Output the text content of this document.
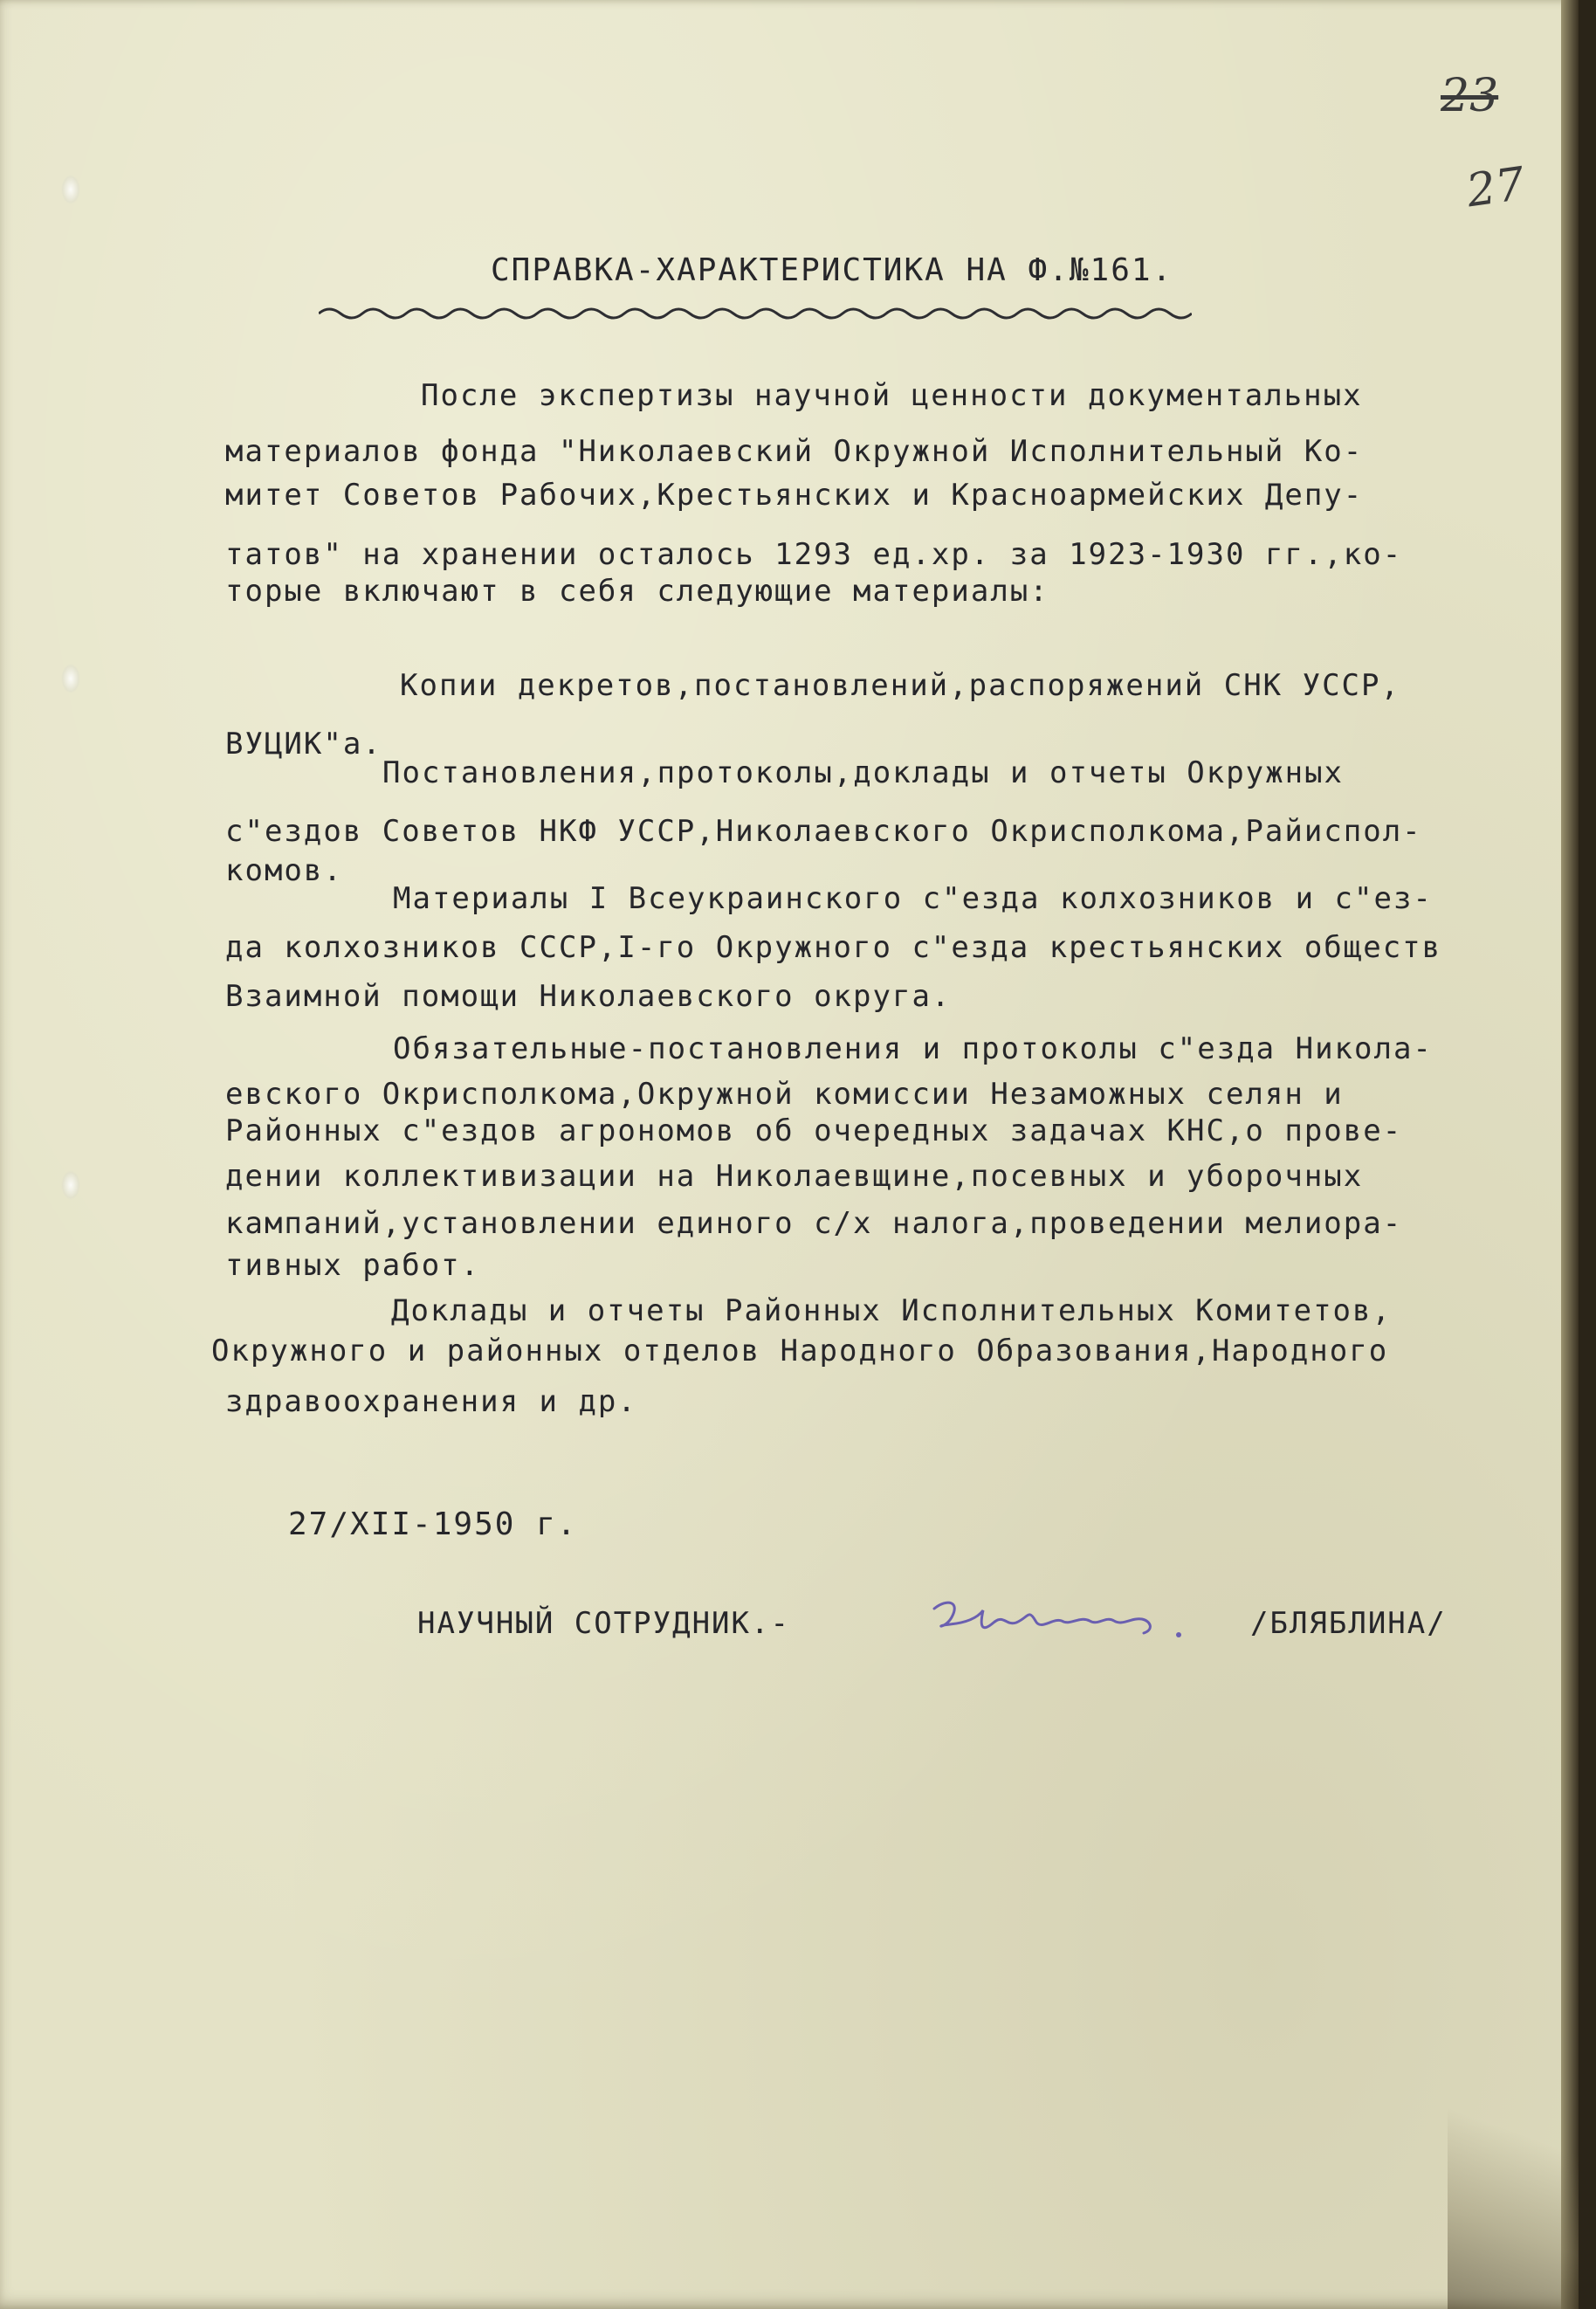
23
27
СПРАВКА-ХАРАКТЕРИСТИКА НА Ф.№161.
После экспертизы научной ценности документальных
материалов фонда "Николаевский Окружной Исполнительный Ко-
митет Советов Рабочих,Крестьянских и Красноармейских Депу-
татов" на хранении осталось 1293 ед.хр. за 1923-1930 гг.,ко-
торые включают в себя следующие материалы:
Копии декретов,постановлений,распоряжений СНК УССР,
ВУЦИК"а.
Постановления,протоколы,доклады и отчеты Окружных
с"ездов Советов НКФ УССР,Николаевского Окрисполкома,Райиспол-
комов.
Материалы I Всеукраинского с"езда колхозников и с"ез-
да колхозников СССР,I-го Окружного с"езда крестьянских обществ
Взаимной помощи Николаевского округа.
Обязательные-постановления и протоколы с"езда Никола-
евского Окрисполкома,Окружной комиссии Незаможных селян и
Районных с"ездов агрономов об очередных задачах КНС,о прове-
дении коллективизации на Николаевщине,посевных и уборочных
кампаний,установлении единого с/х налога,проведении мелиора-
тивных работ.
Доклады и отчеты Районных Исполнительных Комитетов,
Окружного и районных отделов Народного Образования,Народного
здравоохранения и др.
27/XII-1950 г.
НАУЧНЫЙ СОТРУДНИК.-	/БЛЯБЛИНА/
